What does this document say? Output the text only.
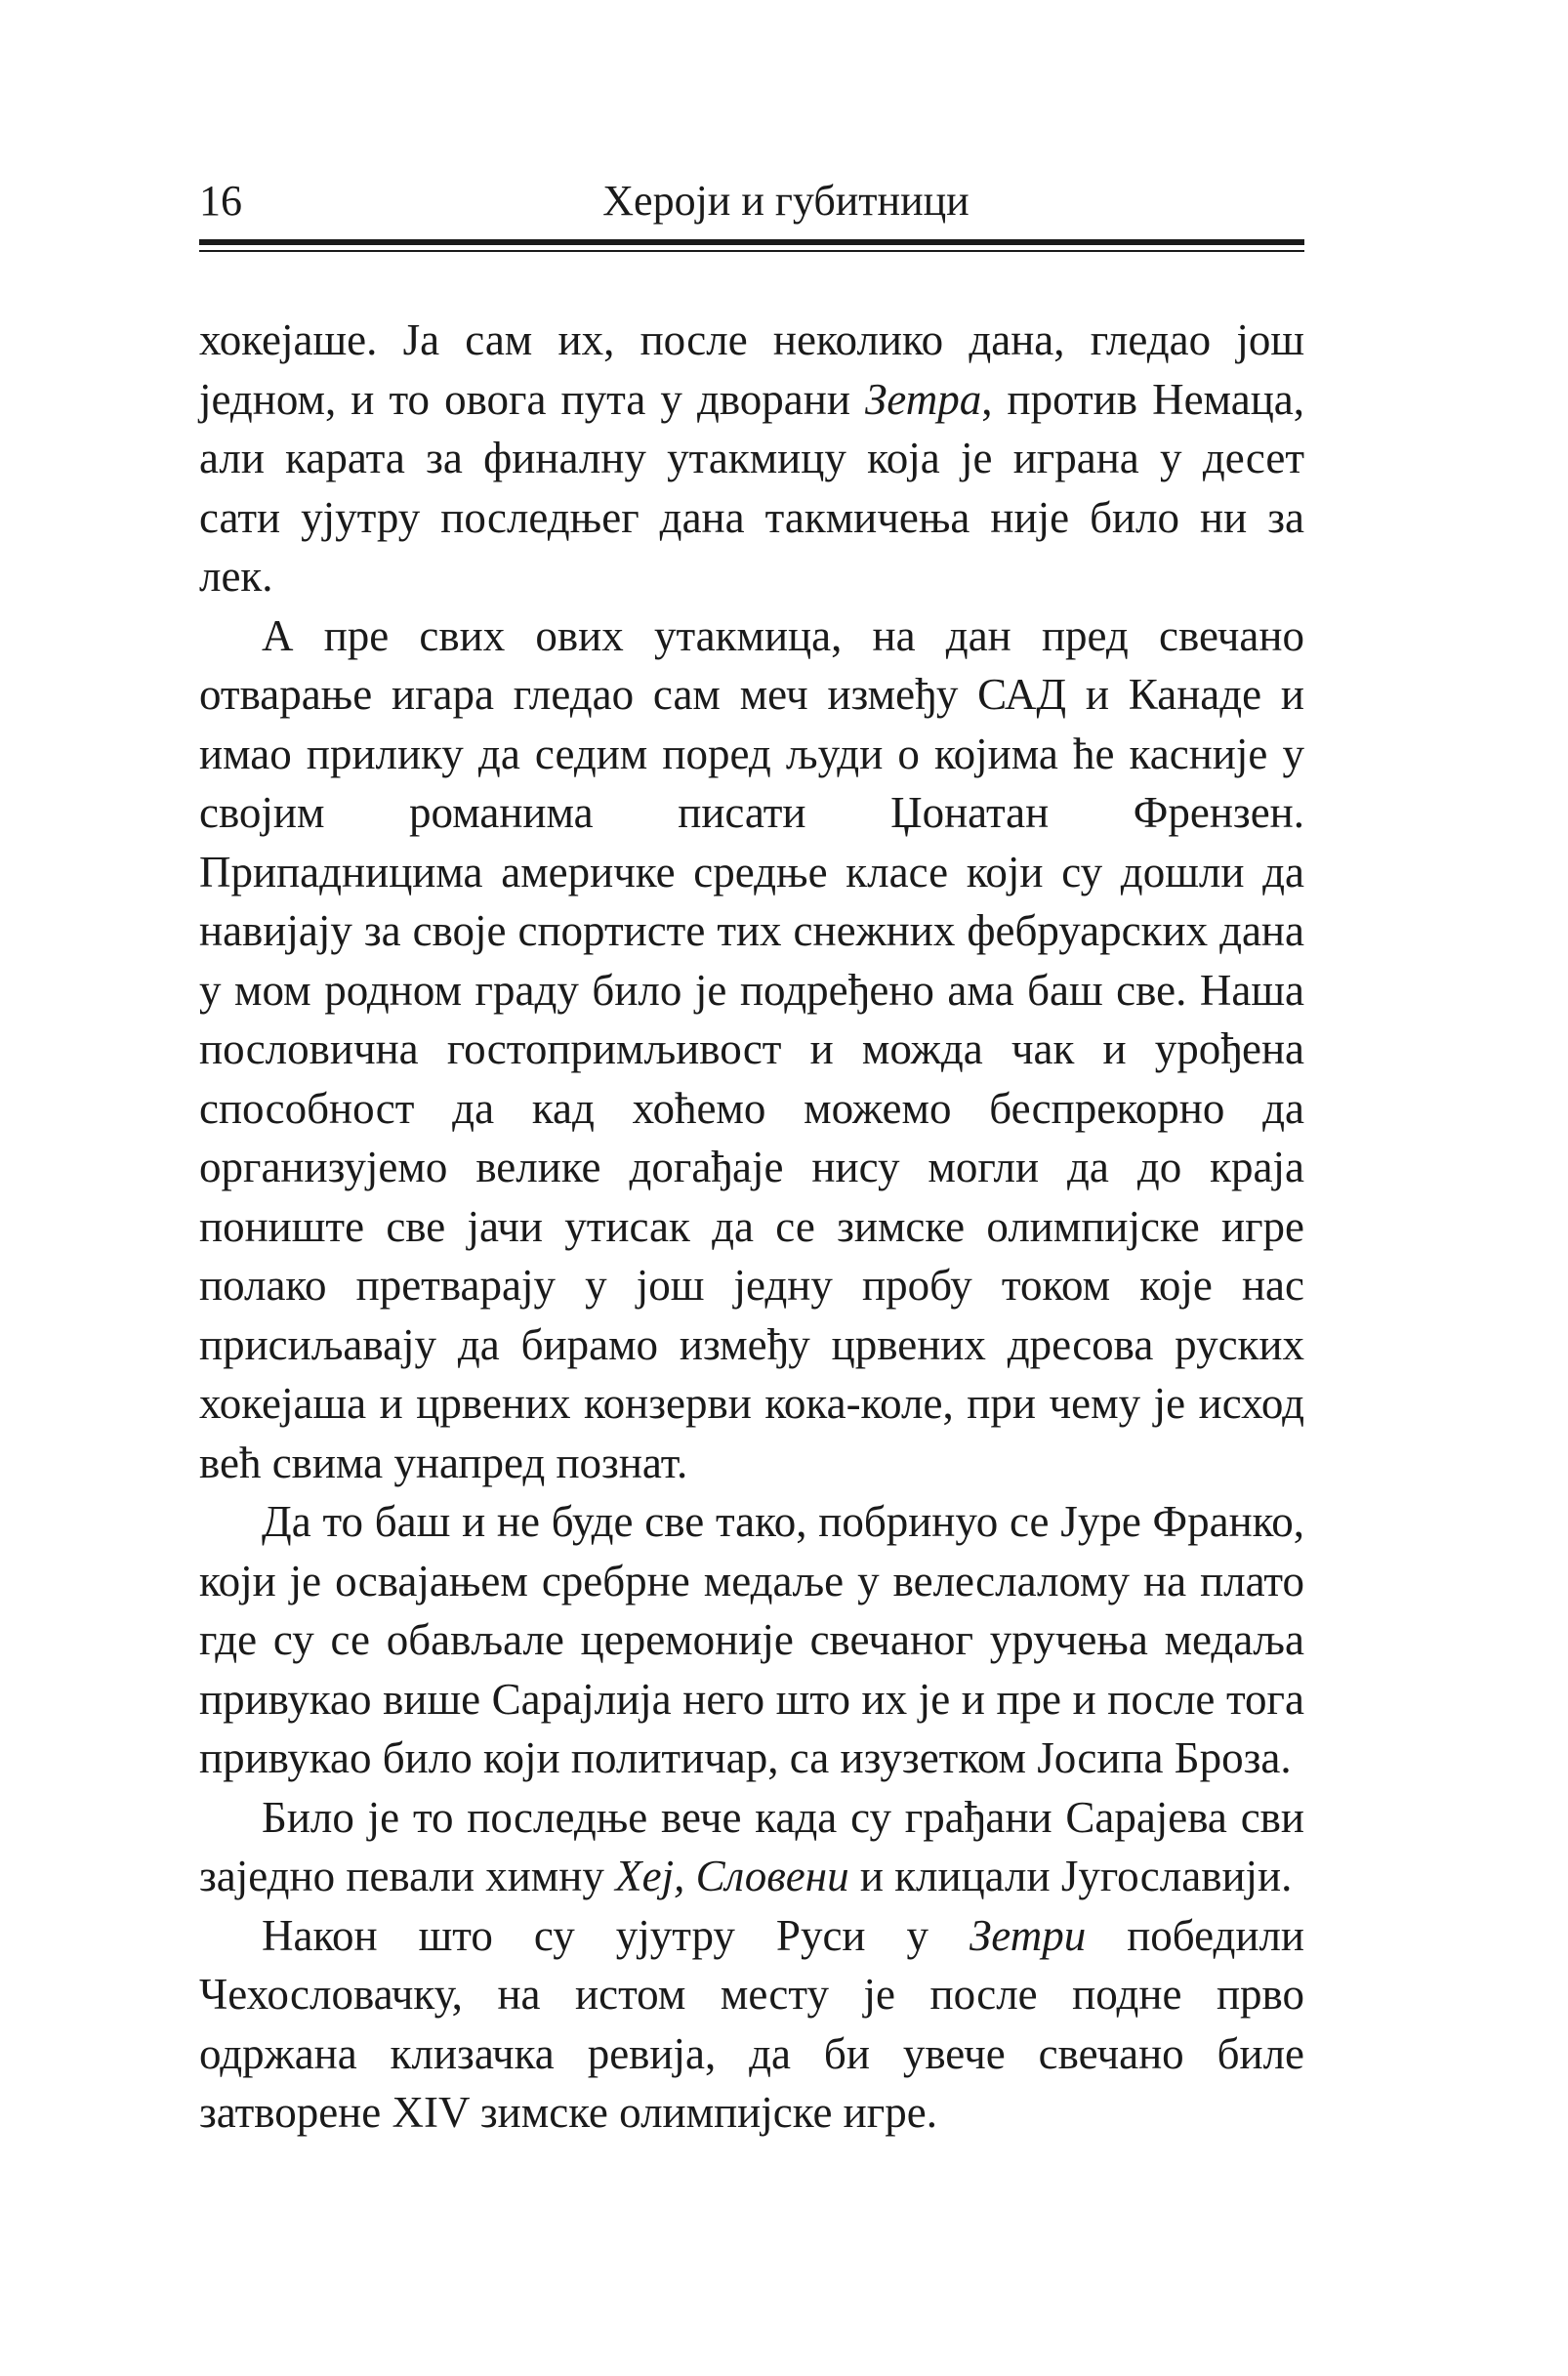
16	Хероји и губитници

хокејаше. Ја сам их, после неколико дана, гледао још једном, и то овога пута у дворани Зетра, против Немаца, али карата за финалну утакмицу која је играна у десет сати ујутру последњег дана такмичења није било ни за лек.

А пре свих ових утакмица, на дан пред свечано отварање игара гледао сам меч између САД и Канаде и имао прилику да седим поред људи о којима ће касније у својим романима писати Џонатан Френзен. Припадницима америчке средње класе који су дошли да навијају за своје спортисте тих снежних фебруарских дана у мом родном граду било је подређено ама баш све. Наша пословична гостопримљивост и можда чак и урођена способност да кад хоћемо можемо беспрекорно да организујемо велике догађаје нису могли да до краја пониште све јачи утисак да се зимске олимпијске игре полако претварају у још једну пробу током које нас присиљавају да бирамо између црвених дресова руских хокејаша и црвених конзерви кока-коле, при чему је исход већ свима унапред познат.

Да то баш и не буде све тако, побринуо се Јуре Франко, који је освајањем сребрне медаље у велеслалому на плато где су се обављале церемоније свечаног уручења медаља привукао више Сарајлија него што их је и пре и после тога привукао било који политичар, са изузетком Јосипа Броза.

Било је то последње вече када су грађани Сарајева сви заједно певали химну Хеј, Словени и клицали Југославији.

Након што су ујутру Руси у Зетри победили Чехословачку, на истом месту је после подне прво одржана клизачка ревија, да би увече свечано биле затворене XIV зимске олимпијске игре.
